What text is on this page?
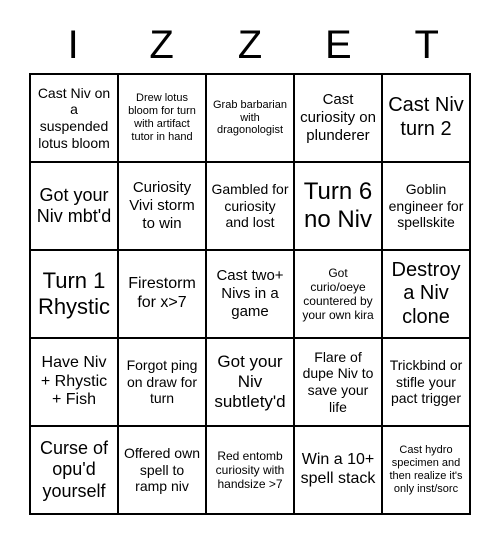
I	Z	Z	E	T
Cast Niv on a suspended lotus bloom
Drew lotus bloom for turn with artifact tutor in hand
Grab barbarian with dragonologist
Cast curiosity on plunderer
Cast Niv turn 2
Got your Niv mbt'd
Curiosity Vivi storm to win
Gambled for curiosity and lost
Turn 6 no Niv
Goblin engineer for spellskite
Turn 1 Rhystic
Firestorm for x>7
Cast two+ Nivs in a game
Got curio/oeye countered by your own kira
Destroy a Niv clone
Have Niv + Rhystic + Fish
Forgot ping on draw for turn
Got your Niv subtlety'd
Flare of dupe Niv to save your life
Trickbind or stifle your pact trigger
Curse of opu'd yourself
Offered own spell to ramp niv
Red entomb curiosity with handsize >7
Win a 10+ spell stack
Cast hydro specimen and then realize it's only inst/sorc
